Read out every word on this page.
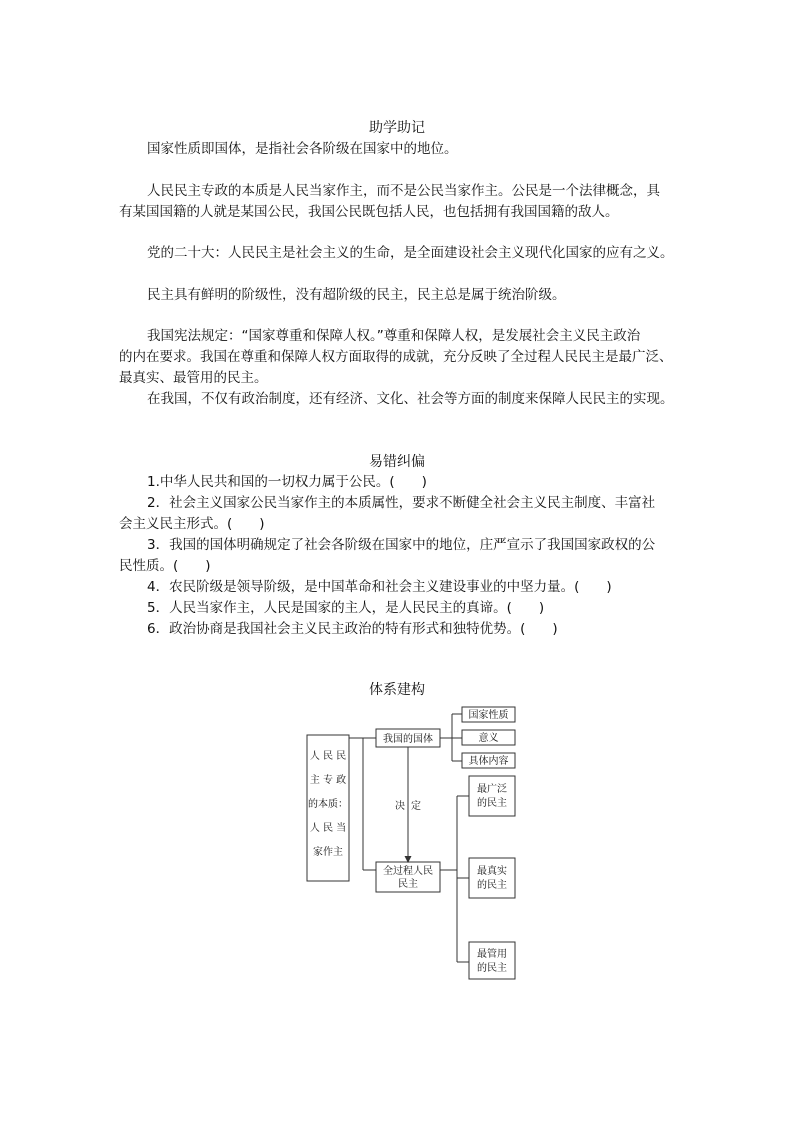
助学助记
国家性质即国体，是指社会各阶级在国家中的地位。
人民民主专政的本质是人民当家作主，而不是公民当家作主。公民是一个法律概念，具
有某国国籍的人就是某国公民，我国公民既包括人民，也包括拥有我国国籍的敌人。
党的二十大：人民民主是社会主义的生命，是全面建设社会主义现代化国家的应有之义。
民主具有鲜明的阶级性，没有超阶级的民主，民主总是属于统治阶级。
我国宪法规定：“国家尊重和保障人权。”尊重和保障人权，是发展社会主义民主政治
的内在要求。我国在尊重和保障人权方面取得的成就，充分反映了全过程人民民主是最广泛、
最真实、最管用的民主。
在我国，不仅有政治制度，还有经济、文化、社会等方面的制度来保障人民民主的实现。
易错纠偏
1.中华人民共和国的一切权力属于公民。(　　)
2．社会主义国家公民当家作主的本质属性，要求不断健全社会主义民主制度、丰富社
会主义民主形式。(　　)
3．我国的国体明确规定了社会各阶级在国家中的地位，庄严宣示了我国国家政权的公
民性质。(　　)
4．农民阶级是领导阶级，是中国革命和社会主义建设事业的中坚力量。(　　)
5．人民当家作主，人民是国家的主人，是人民民主的真谛。(　　)
6．政治协商是我国社会主义民主政治的特有形式和独特优势。(　　)
体系建构
人 民 民
主 专 政
的本质：
人 民 当
家作主
我国的国体
国家性质
意义
具体内容
决 定
全过程人民
民主
最广泛
的民主
最真实
的民主
最管用
的民主
